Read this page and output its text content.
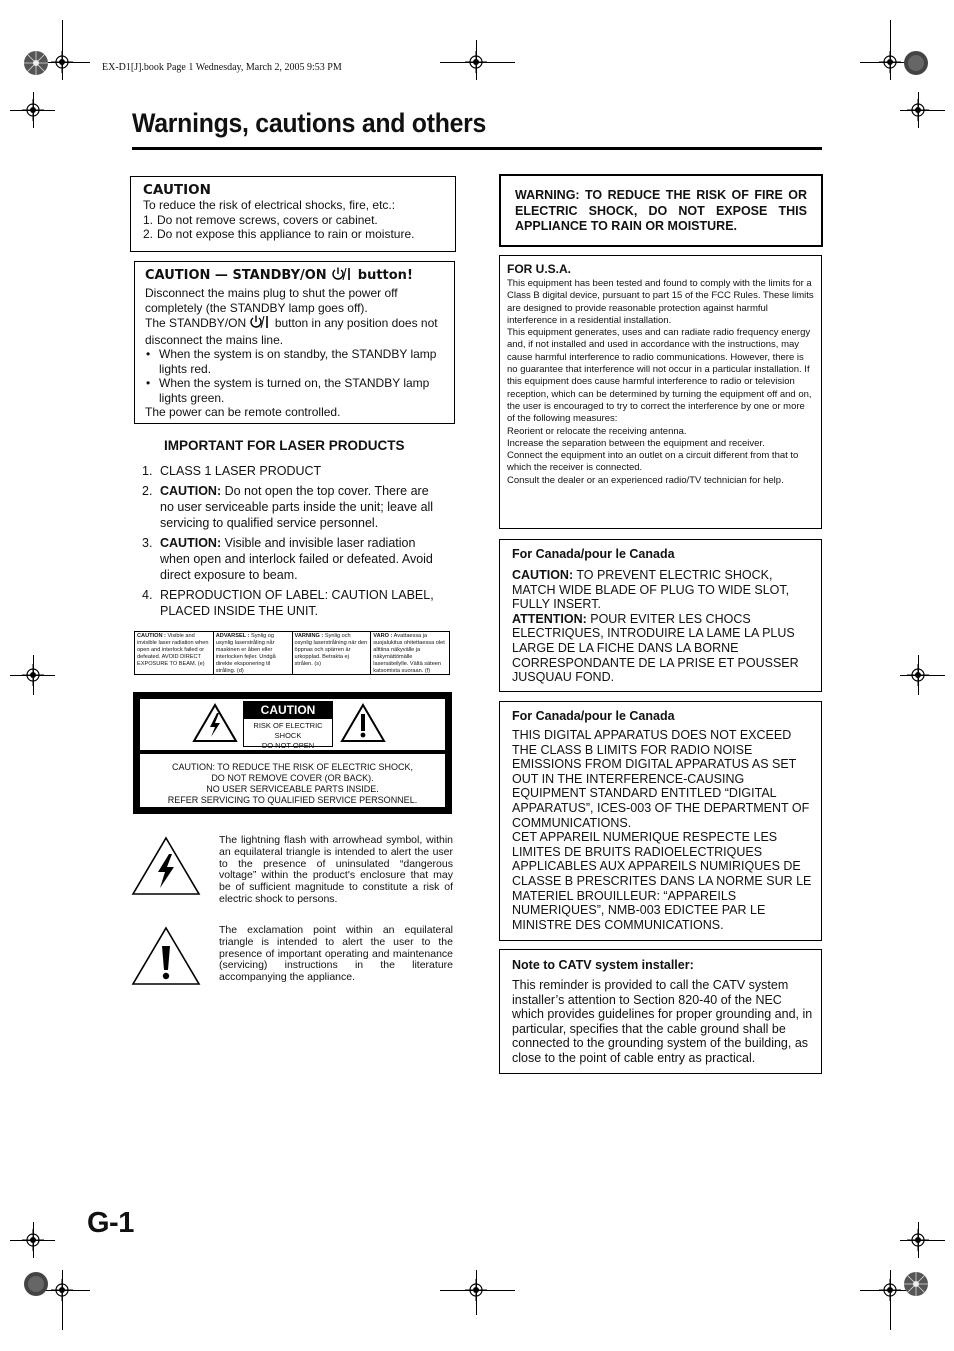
EX-D1[J].book Page 1 Wednesday, March 2, 2005 9:53 PM
Warnings, cautions and others
CAUTION
To reduce the risk of electrical shocks, fire, etc.:
1. Do not remove screws, covers or cabinet.
2. Do not expose this appliance to rain or moisture.
CAUTION — STANDBY/ON button!
Disconnect the mains plug to shut the power off completely (the STANDBY lamp goes off).
The STANDBY/ON button in any position does not disconnect the mains line.
• When the system is on standby, the STANDBY lamp lights red.
• When the system is turned on, the STANDBY lamp lights green.
The power can be remote controlled.
IMPORTANT FOR LASER PRODUCTS
1. CLASS 1 LASER PRODUCT
2. CAUTION: Do not open the top cover. There are no user serviceable parts inside the unit; leave all servicing to qualified service personnel.
3. CAUTION: Visible and invisible laser radiation when open and interlock failed or defeated. Avoid direct exposure to beam.
4. REPRODUCTION OF LABEL: CAUTION LABEL, PLACED INSIDE THE UNIT.
CAUTION : Visible and invisible laser radiation when open and interlock failed or defeated. AVOID DIRECT EXPOSURE TO BEAM. (e)
ADVARSEL : Synlig og usynlig laserstråling når maskinen er åben eller interlocken fejler. Undgå direkte eksponering til stråling. (d)
VARNING : Synlig och osynlig laserstrålning när den öppnas och spärren är urkopplad. Betrakta ej strålen. (s)
VARO : Avattaessa ja suojalukitus ohitettaessa olet alttiina näkyvälle ja näkymättömälle lasersäteilylle. Vältä säteen katsomista suoraan. (f)
CAUTION
RISK OF ELECTRIC SHOCK
DO NOT OPEN
CAUTION: TO REDUCE THE RISK OF ELECTRIC SHOCK,
DO NOT REMOVE COVER (OR BACK).
NO USER SERVICEABLE PARTS INSIDE.
REFER SERVICING TO QUALIFIED SERVICE PERSONNEL.
The lightning flash with arrowhead symbol, within an equilateral triangle is intended to alert the user to the presence of uninsulated “dangerous voltage” within the product's enclosure that may be of sufficient magnitude to constitute a risk of electric shock to persons.
The exclamation point within an equilateral triangle is intended to alert the user to the presence of important operating and maintenance (servicing) instructions in the literature accompanying the appliance.
WARNING: TO REDUCE THE RISK OF FIRE OR ELECTRIC SHOCK, DO NOT EXPOSE THIS APPLIANCE TO RAIN OR MOISTURE.
FOR U.S.A.
This equipment has been tested and found to comply with the limits for a Class B digital device, pursuant to part 15 of the FCC Rules. These limits are designed to provide reasonable protection against harmful interference in a residential installation.
This equipment generates, uses and can radiate radio frequency energy and, if not installed and used in accordance with the instructions, may cause harmful interference to radio communications. However, there is no guarantee that interference will not occur in a particular installation. If this equipment does cause harmful interference to radio or television reception, which can be determined by turning the equipment off and on, the user is encouraged to try to correct the interference by one or more of the following measures:
Reorient or relocate the receiving antenna.
Increase the separation between the equipment and receiver.
Connect the equipment into an outlet on a circuit different from that to which the receiver is connected.
Consult the dealer or an experienced radio/TV technician for help.
For Canada/pour le Canada
CAUTION: TO PREVENT ELECTRIC SHOCK, MATCH WIDE BLADE OF PLUG TO WIDE SLOT, FULLY INSERT.
ATTENTION: POUR EVITER LES CHOCS ELECTRIQUES, INTRODUIRE LA LAME LA PLUS LARGE DE LA FICHE DANS LA BORNE CORRESPONDANTE DE LA PRISE ET POUSSER JUSQUAU FOND.
For Canada/pour le Canada
THIS DIGITAL APPARATUS DOES NOT EXCEED THE CLASS B LIMITS FOR RADIO NOISE EMISSIONS FROM DIGITAL APPARATUS AS SET OUT IN THE INTERFERENCE-CAUSING EQUIPMENT STANDARD ENTITLED “DIGITAL APPARATUS”, ICES-003 OF THE DEPARTMENT OF COMMUNICATIONS.
CET APPAREIL NUMERIQUE RESPECTE LES LIMITES DE BRUITS RADIOELECTRIQUES APPLICABLES AUX APPAREILS NUMIRIQUES DE CLASSE B PRESCRITES DANS LA NORME SUR LE MATERIEL BROUILLEUR: “APPAREILS NUMERIQUES”, NMB-003 EDICTEE PAR LE MINISTRE DES COMMUNICATIONS.
Note to CATV system installer:
This reminder is provided to call the CATV system installer’s attention to Section 820-40 of the NEC which provides guidelines for proper grounding and, in particular, specifies that the cable ground shall be connected to the grounding system of the building, as close to the point of cable entry as practical.
G-1
